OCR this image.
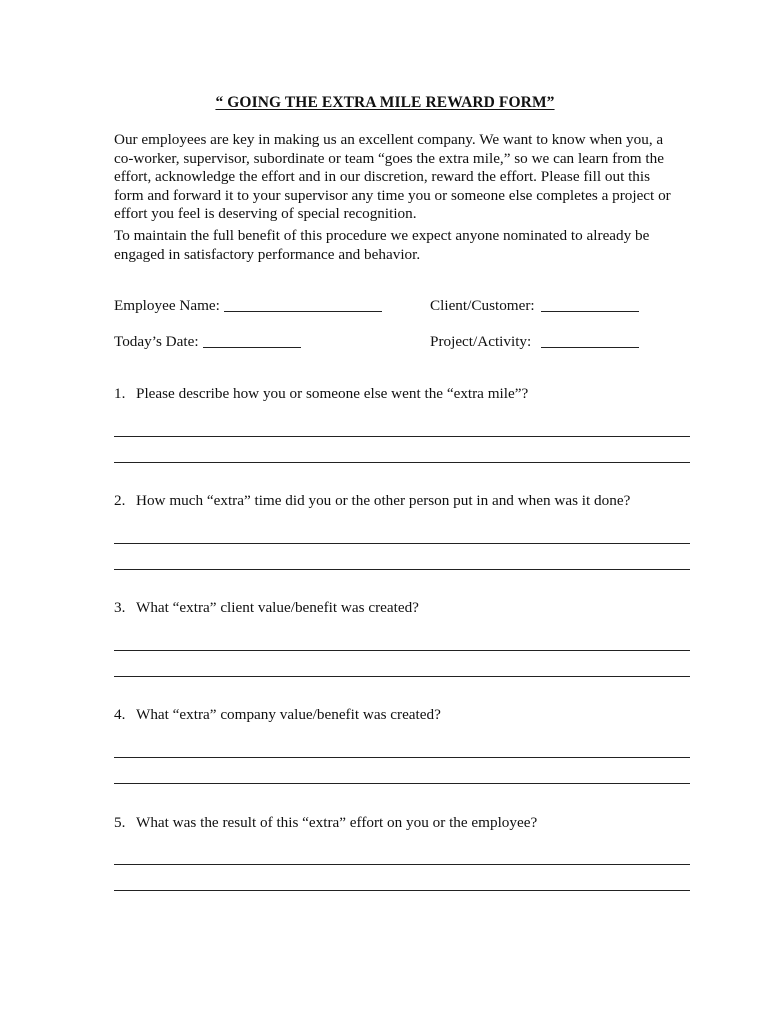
“ GOING THE EXTRA MILE REWARD FORM”

Our employees are key in making us an excellent company. We want to know when you, a co-worker, supervisor, subordinate or team “goes the extra mile,” so we can learn from the effort, acknowledge the effort and in our discretion, reward the effort. Please fill out this form and forward it to your supervisor any time you or someone else completes a project or effort you feel is deserving of special recognition.

To maintain the full benefit of this procedure we expect anyone nominated to already be engaged in satisfactory performance and behavior.

Employee Name:	Client/Customer:
Today’s Date:	Project/Activity:
1. Please describe how you or someone else went the “extra mile”?
2. How much “extra” time did you or the other person put in and when was it done?
3. What “extra” client value/benefit was created?
4. What “extra” company value/benefit was created?
5. What was the result of this “extra” effort on you or the employee?
